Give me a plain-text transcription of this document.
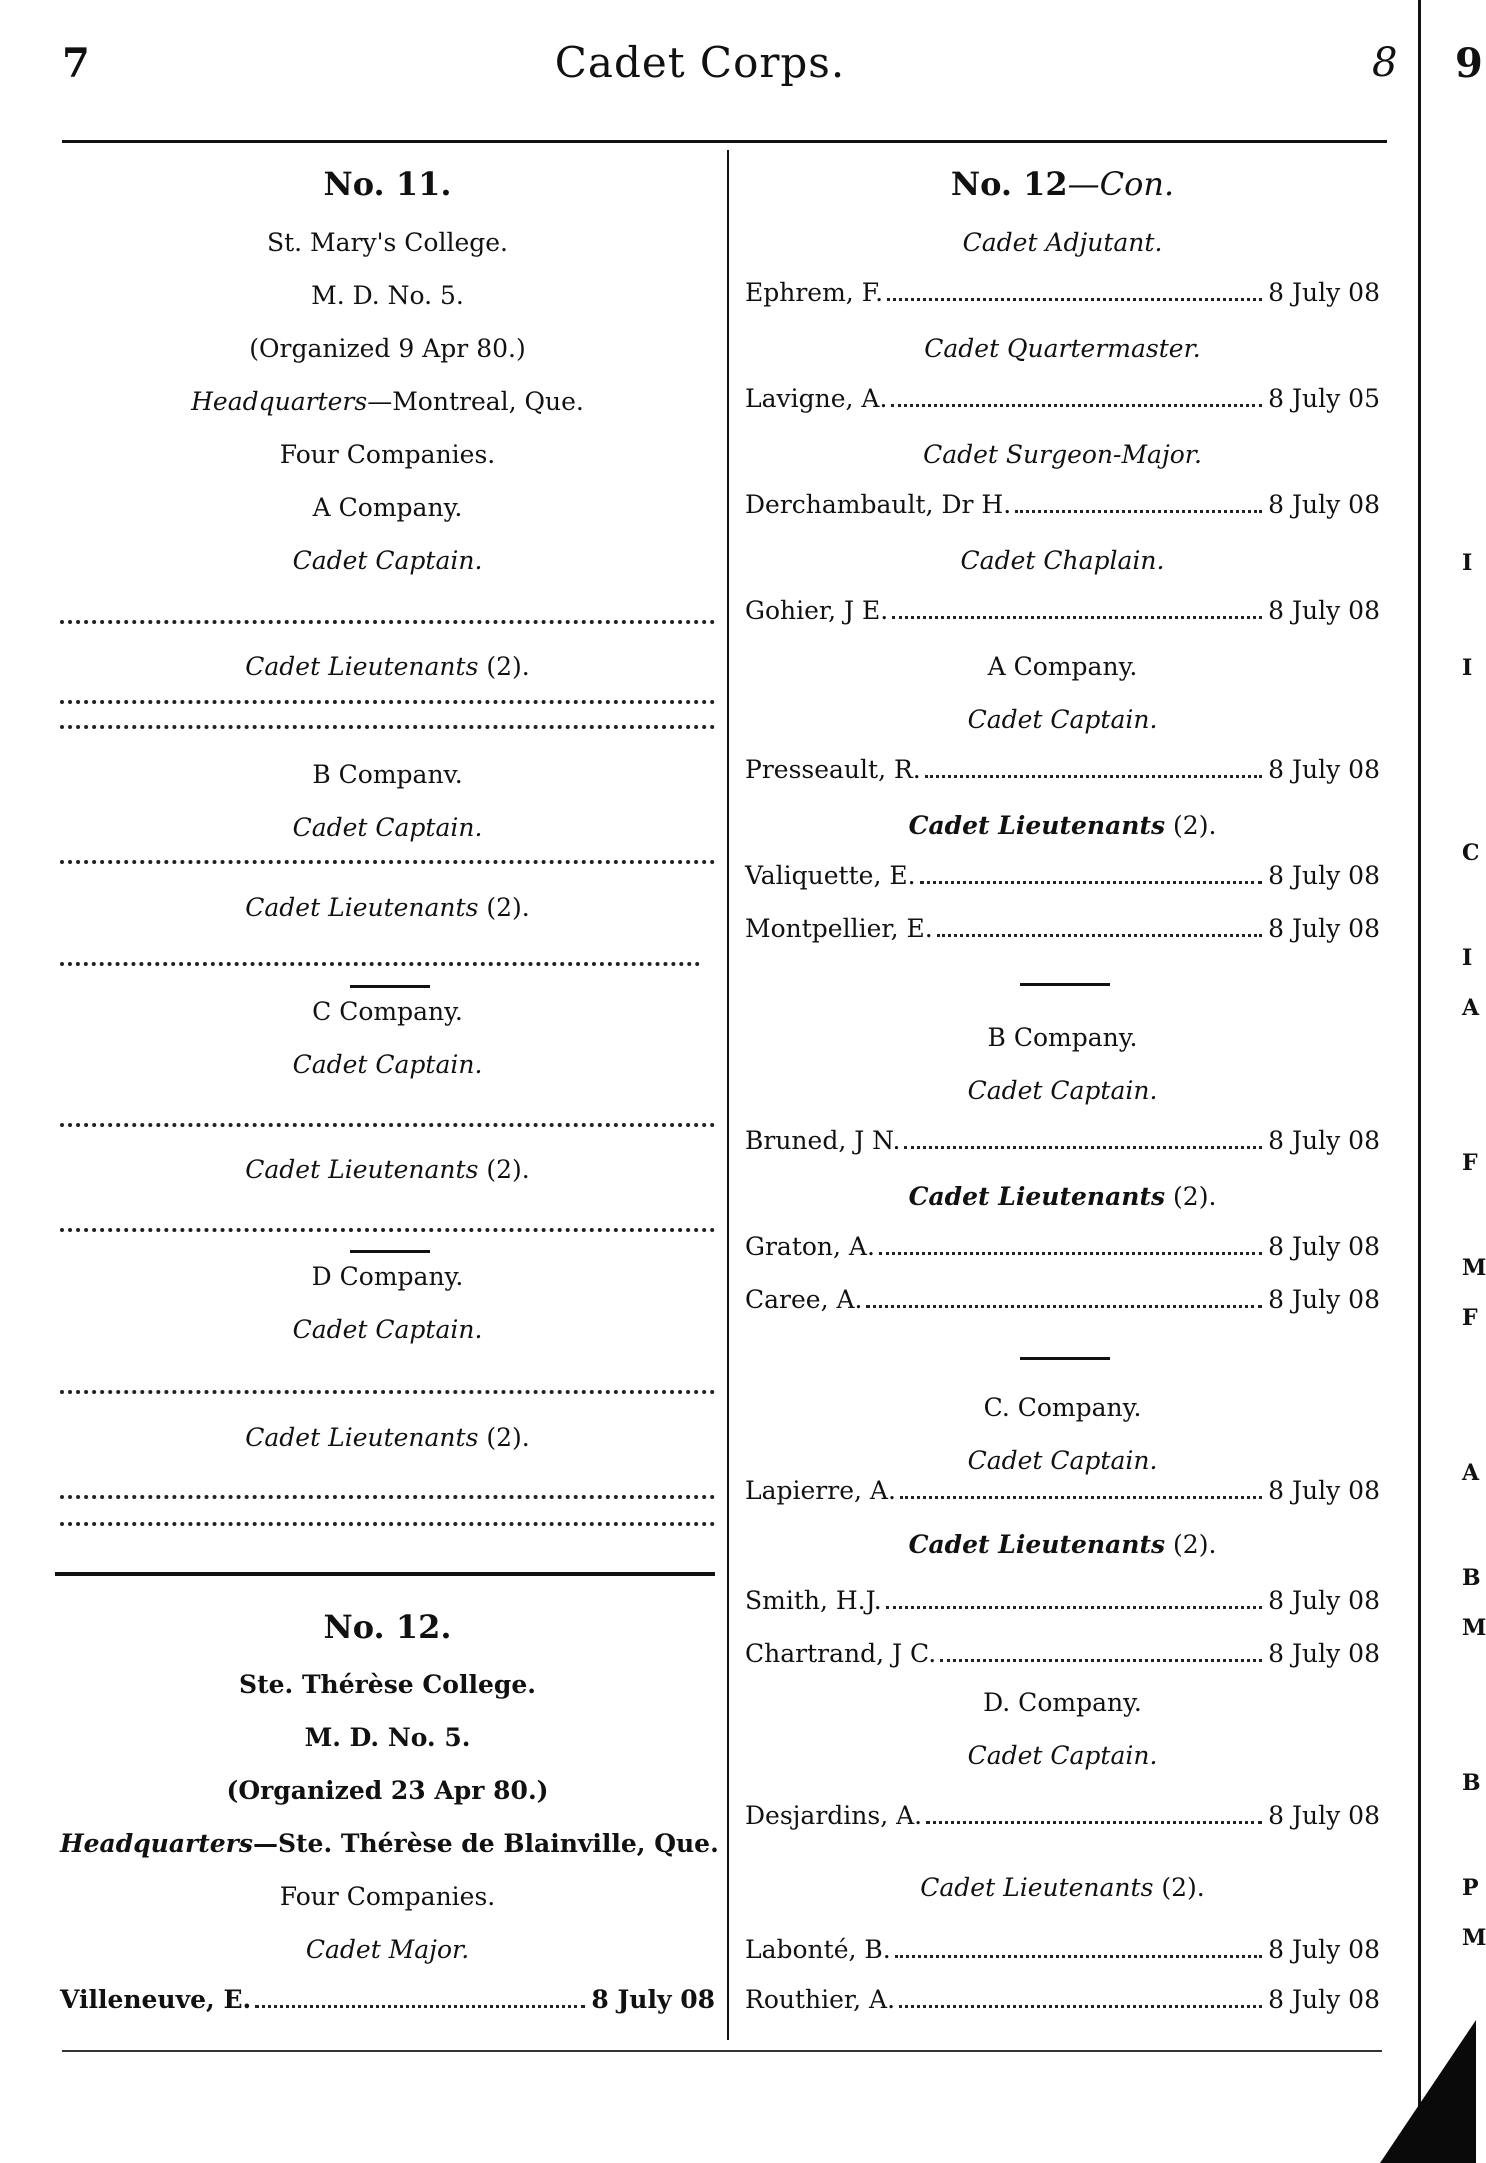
7	Cadet Corps.	8 9
No. 11.
St. Mary's College.
M. D. No. 5.
(Organized 9 Apr 80.)
Headquarters—Montreal, Que.
Four Companies.
A Company.
Cadet Captain.
Cadet Lieutenants (2).
B Companv.
Cadet Captain.
Cadet Lieutenants (2).
C Company.
Cadet Captain.
Cadet Lieutenants (2).
D Company.
Cadet Captain.
Cadet Lieutenants (2).
No. 12.
Ste. Thérèse College.
M. D. No. 5.
(Organized 23 Apr 80.)
Headquarters—Ste. Thérèse de Blainville, Que.
Four Companies.
Cadet Major.
Villeneuve, E.	8 July 08
No. 12—Con.
Cadet Adjutant.
Ephrem, F.	8 July 08
Cadet Quartermaster.
Lavigne, A.	8 July 05
Cadet Surgeon-Major.
Derchambault, Dr H.	8 July 08
Cadet Chaplain.
Gohier, J E.	8 July 08
A Company.
Cadet Captain.
Presseault, R.	8 July 08
Cadet Lieutenants (2).
Valiquette, E.	8 July 08
Montpellier, E.	8 July 08
B Company.
Cadet Captain.
Bruned, J N.	8 July 08
Cadet Lieutenants (2).
Graton, A.	8 July 08
Caree, A.	8 July 08
C. Company.
Cadet Captain.
Lapierre, A.	8 July 08
Cadet Lieutenants (2).
Smith, H.J.	8 July 08
Chartrand, J C.	8 July 08
D. Company.
Cadet Captain.
Desjardins, A.	8 July 08
Cadet Lieutenants (2).
Labonté, B.	8 July 08
Routhier, A.	8 July 08
I
I
C
I
A
F
M
F
A
B
M
B
P
M
